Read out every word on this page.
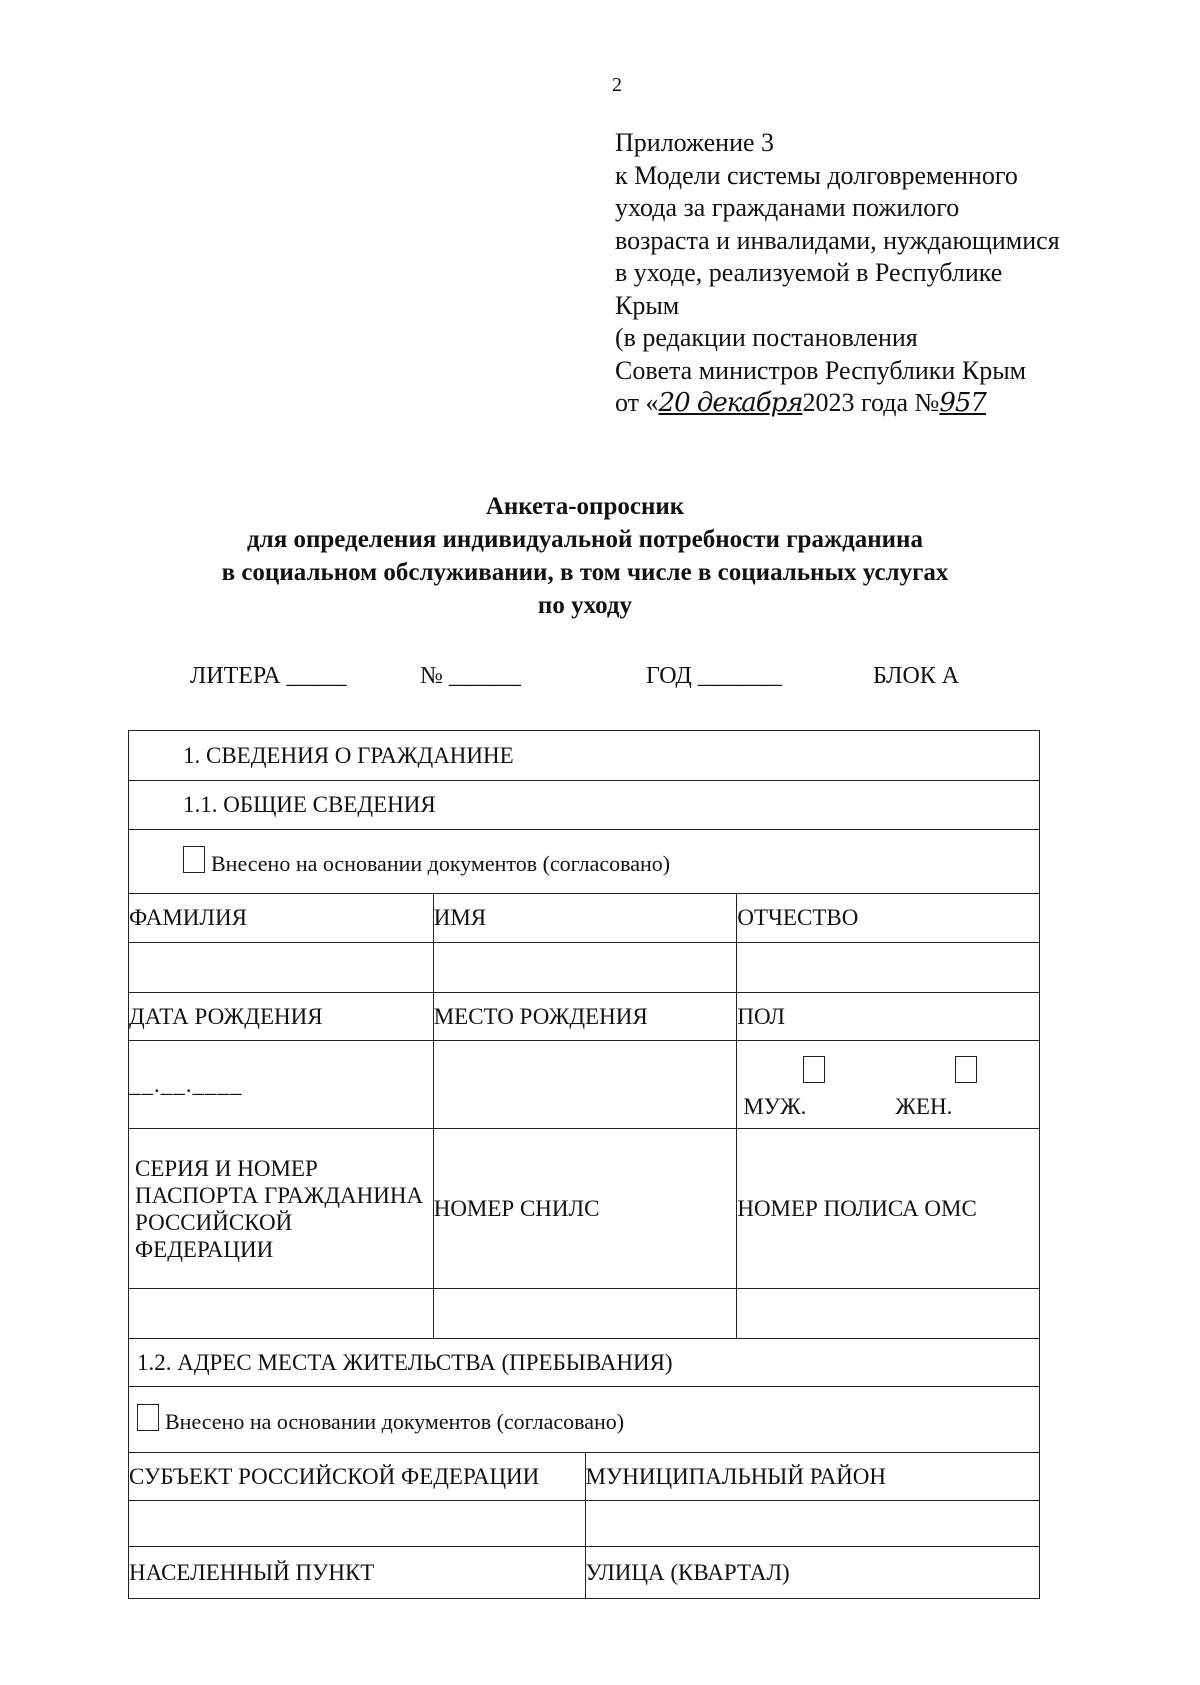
2
Приложение 3
к Модели системы долговременного
ухода за гражданами пожилого
возраста и инвалидами, нуждающимися
в уходе, реализуемой в Республике
Крым
(в редакции постановления
Совета министров Республики Крым
от «20 декабря2023 года №957
Анкета-опросник
для определения индивидуальной потребности гражданина
в социальном обслуживании, в том числе в социальных услугах
по уходу
ЛИТЕРА _____	№ ______	ГОД _______	БЛОК А
1. СВЕДЕНИЯ О ГРАЖДАНИНЕ			
1.1. ОБЩИЕ СВЕДЕНИЯ			
Внесено на основании документов (согласовано)			
ФАМИЛИЯ	ИМЯ		ОТЧЕСТВО

ДАТА РОЖДЕНИЯ	МЕСТО РОЖДЕНИЯ		ПОЛ
__.__.____			МУЖ. ЖЕН.

СЕРИЯ И НОМЕР ПАСПОРТА ГРАЖДАНИНА РОССИЙСКОЙ ФЕДЕРАЦИИ	НОМЕР СНИЛС		НОМЕР ПОЛИСА ОМС

1.2. АДРЕС МЕСТА ЖИТЕЛЬСТВА (ПРЕБЫВАНИЯ)			
Внесено на основании документов (согласовано)			
СУБЪЕКТ РОССИЙСКОЙ ФЕДЕРАЦИИ		МУНИЦИПАЛЬНЫЙ РАЙОН	

НАСЕЛЕННЫЙ ПУНКТ		УЛИЦА (КВАРТАЛ)	
